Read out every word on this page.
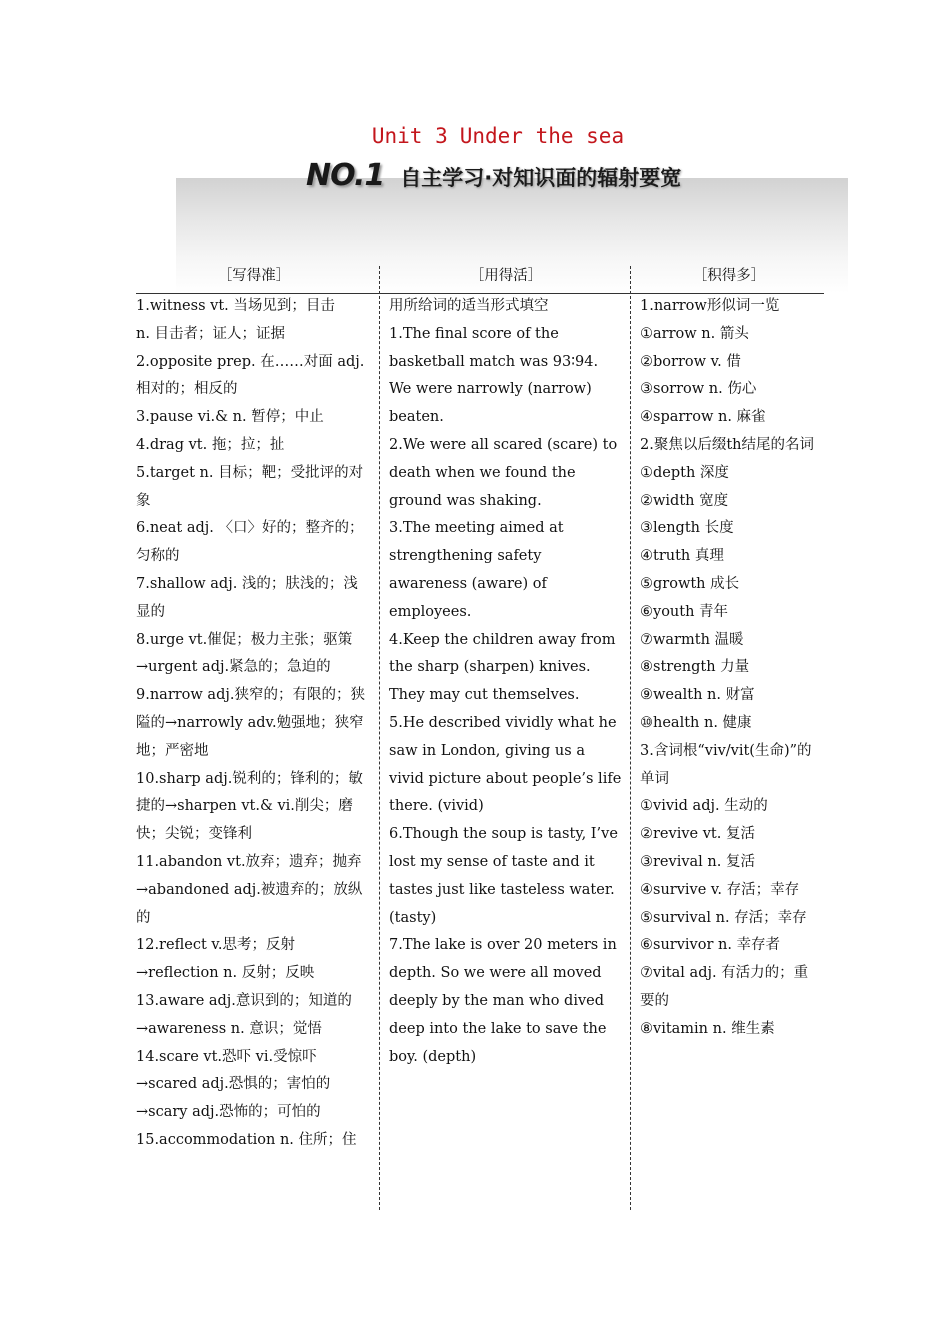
Unit 3 Under the sea
NO.1 自主学习·对知识面的辐射要宽
［写得准］
1.witness vt. 当场见到；目击
n. 目击者；证人；证据
2.opposite prep. 在……对面 adj. 相对的；相反的
3.pause vi.& n. 暂停；中止
4.drag vt. 拖；拉；扯
5.target n. 目标；靶；受批评的对象
6.neat adj. 〈口〉好的；整齐的；匀称的
7.shallow adj. 浅的；肤浅的；浅显的
8.urge vt.催促；极力主张；驱策→urgent adj.紧急的；急迫的
9.narrow adj.狭窄的；有限的；狭隘的→narrowly adv.勉强地；狭窄地；严密地
10.sharp adj.锐利的；锋利的；敏捷的→sharpen vt.& vi.削尖；磨快；尖锐；变锋利
11.abandon vt.放弃；遗弃；抛弃→abandoned adj.被遗弃的；放纵的
12.reflect v.思考；反射→reflection n. 反射；反映
13.aware adj.意识到的；知道的→awareness n. 意识；觉悟
14.scare vt.恐吓 vi.受惊吓→scared adj.恐惧的；害怕的→scary adj.恐怖的；可怕的
15.accommodation n. 住所；住
［用得活］
用所给词的适当形式填空
1.The final score of the basketball match was 93∶94. We were narrowly (narrow) beaten.
2.We were all scared (scare) to death when we found the ground was shaking.
3.The meeting aimed at strengthening safety awareness (aware) of employees.
4.Keep the children away from the sharp (sharpen) knives. They may cut themselves.
5.He described vividly what he saw in London, giving us a vivid picture about people’s life there. (vivid)
6.Though the soup is tasty, I’ve lost my sense of taste and it tastes just like tasteless water. (tasty)
7.The lake is over 20 meters in depth. So we were all moved deeply by the man who dived deep into the lake to save the boy. (depth)
［积得多］
1.narrow形似词一览
①arrow n. 箭头
②borrow v. 借
③sorrow n. 伤心
④sparrow n. 麻雀
2.聚焦以后缀th结尾的名词
①depth 深度
②width 宽度
③length 长度
④truth 真理
⑤growth 成长
⑥youth 青年
⑦warmth 温暖
⑧strength 力量
⑨wealth n. 财富
⑩health n. 健康
3.含词根“viv/vit(生命)”的单词
①vivid adj. 生动的
②revive vt. 复活
③revival n. 复活
④survive v. 存活；幸存
⑤survival n. 存活；幸存
⑥survivor n. 幸存者
⑦vital adj. 有活力的；重要的
⑧vitamin n. 维生素
